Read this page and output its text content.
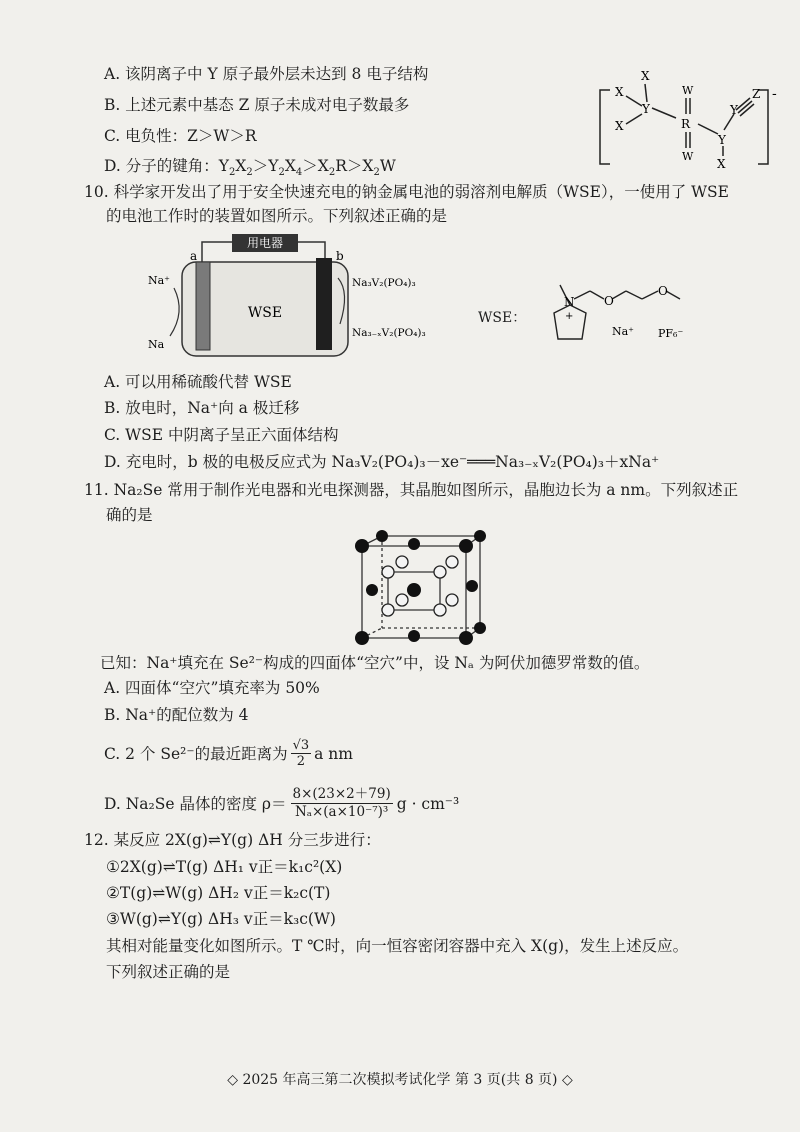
A. 该阴离子中 Y 原子最外层未达到 8 电子结构
B. 上述元素中基态 Z 原子未成对电子数最多
C. 电负性：Z＞W＞R
D. 分子的键角：$Y_2X_2>Y_2X_4>X_2R>X_2W$
X
X
X
Y
R
W
W
Y
Y
Z
X
-
10. 科学家开发出了用于安全快速充电的钠金属电池的弱溶剂电解质（WSE），一使用了 WSE
的电池工作时的装置如图所示。下列叙述正确的是
用电器
a	b
WSE
Na⁺
Na
Na₃V₂(PO₄)₃
Na₃₋ₓV₂(PO₄)₃
WSE：
N
+
O
O
Na⁺ PF₆⁻
A. 可以用稀硫酸代替 WSE
B. 放电时，Na⁺向 a 极迁移
C. WSE 中阴离子呈正六面体结构
D. 充电时，b 极的电极反应式为 Na₃V₂(PO₄)₃－xe⁻═══Na₃₋ₓV₂(PO₄)₃＋xNa⁺
11. Na₂Se 常用于制作光电器和光电探测器，其晶胞如图所示，晶胞边长为 a nm。下列叙述正
确的是
已知：Na⁺填充在 Se²⁻构成的四面体“空穴”中，设 Nₐ 为阿伏加德罗常数的值。
A. 四面体“空穴”填充率为 50%
B. Na⁺的配位数为 4
C. 2 个 Se²⁻的最近距离为 √3
2 a nm
D. Na₂Se 晶体的密度 ρ＝
8×(23×2＋79)
Nₐ×(a×10⁻⁷)³ g · cm⁻³
12. 某反应 2X(g)⇌Y(g) ΔH 分三步进行：
①2X(g)⇌T(g) ΔH₁ v正＝k₁c²(X)
②T(g)⇌W(g) ΔH₂ v正＝k₂c(T)
③W(g)⇌Y(g) ΔH₃ v正＝k₃c(W)
其相对能量变化如图所示。T ℃时，向一恒容密闭容器中充入 X(g)，发生上述反应。
下列叙述正确的是
◇ 2025 年高三第二次模拟考试化学 第 3 页(共 8 页) ◇
